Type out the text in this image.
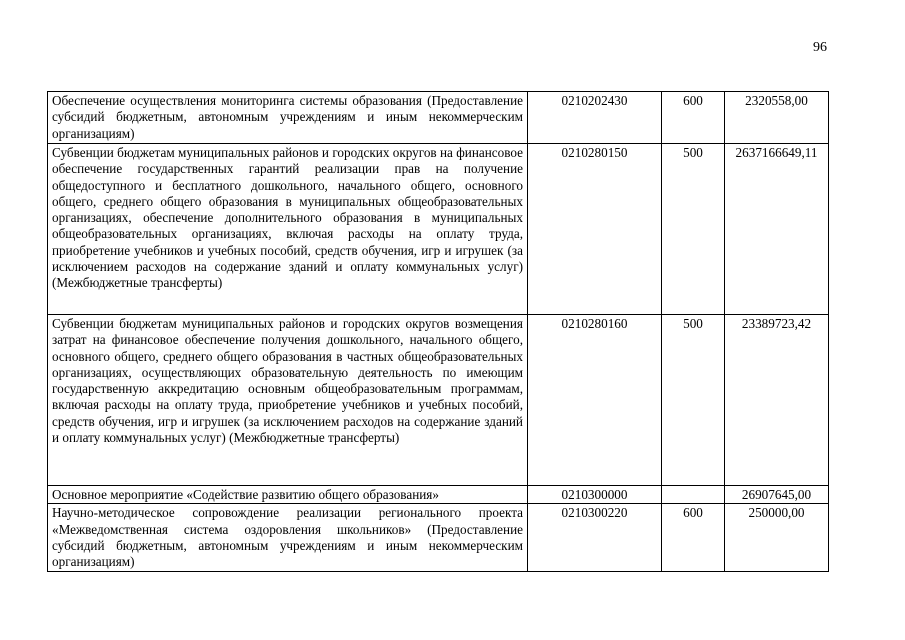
96
Обеспечение осуществления мониторинга системы образования (Предоставление субсидий бюджетным, автономным учреждениям и иным некоммерческим организациям)	0210202430	600	2320558,00
Субвенции бюджетам муниципальных районов и городских округов на финансовое обеспечение государственных гарантий реализации прав на получение общедоступного и бесплатного дошкольного, начального общего, основного общего, среднего общего образования в муниципальных общеобразовательных организациях, обеспечение дополнительного образования в муниципальных общеобразовательных организациях, включая расходы на оплату труда, приобретение учебников и учебных пособий, средств обучения, игр и игрушек (за исключением расходов на содержание зданий и оплату коммунальных услуг) (Межбюджетные трансферты)	0210280150	500	2637166649,11
Субвенции бюджетам муниципальных районов и городских округов возмещения затрат на финансовое обеспечение получения дошкольного, начального общего, основного общего, среднего общего образования в частных общеобразовательных организациях, осуществляющих образовательную деятельность по имеющим государственную аккредитацию основным общеобразовательным программам, включая расходы на оплату труда, приобретение учебников и учебных пособий, средств обучения, игр и игрушек (за исключением расходов на содержание зданий и оплату коммунальных услуг) (Межбюджетные трансферты)	0210280160	500	23389723,42
Основное мероприятие «Содействие развитию общего образования»	0210300000		26907645,00
Научно-методическое сопровождение реализации регионального проекта «Межведомственная система оздоровления школьников» (Предоставление субсидий бюджетным, автономным учреждениям и иным некоммерческим организациям)	0210300220	600	250000,00
